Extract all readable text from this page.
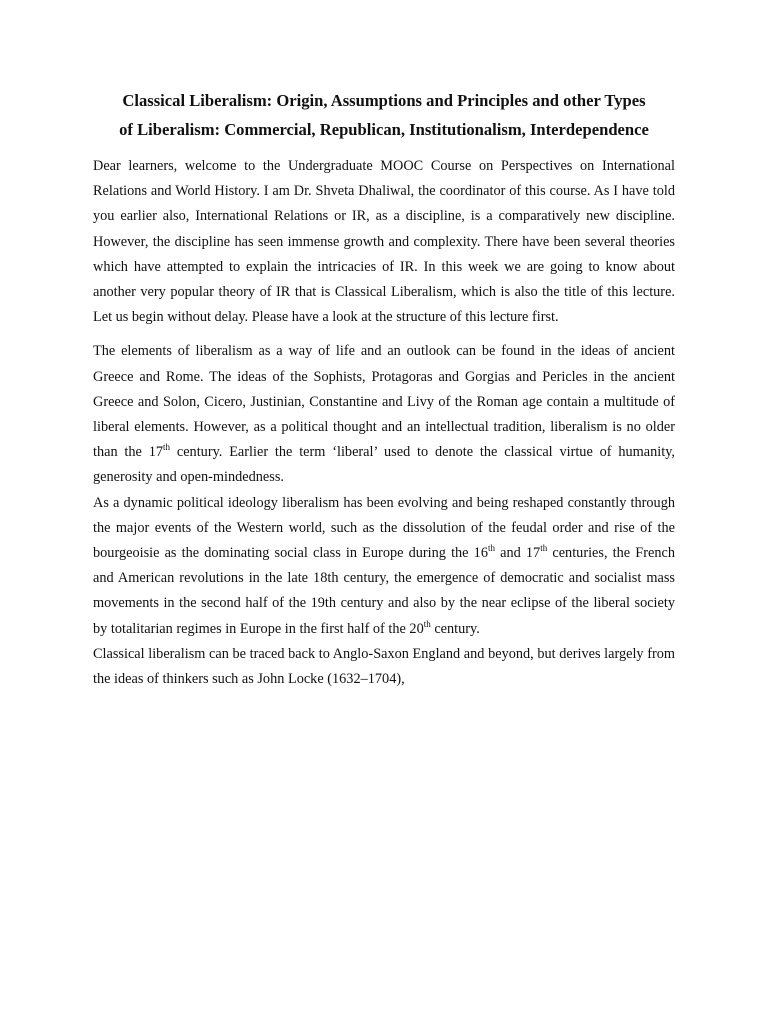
Classical Liberalism: Origin, Assumptions and Principles and other Types
of Liberalism: Commercial, Republican, Institutionalism, Interdependence

Dear learners, welcome to the Undergraduate MOOC Course on Perspectives on International Relations and World History. I am Dr. Shveta Dhaliwal, the coordinator of this course. As I have told you earlier also, International Relations or IR, as a discipline, is a comparatively new discipline. However, the discipline has seen immense growth and complexity. There have been several theories which have attempted to explain the intricacies of IR. In this week we are going to know about another very popular theory of IR that is Classical Liberalism, which is also the title of this lecture. Let us begin without delay. Please have a look at the structure of this lecture first.

The elements of liberalism as a way of life and an outlook can be found in the ideas of ancient Greece and Rome. The ideas of the Sophists, Protagoras and Gorgias and Pericles in the ancient Greece and Solon, Cicero, Justinian, Constantine and Livy of the Roman age contain a multitude of liberal elements. However, as a political thought and an intellectual tradition, liberalism is no older than the 17th century. Earlier the term ‘liberal’ used to denote the classical virtue of humanity, generosity and open-mindedness.

As a dynamic political ideology liberalism has been evolving and being reshaped constantly through the major events of the Western world, such as the dissolution of the feudal order and rise of the bourgeoisie as the dominating social class in Europe during the 16th and 17th centuries, the French and American revolutions in the late 18th century, the emergence of democratic and socialist mass movements in the second half of the 19th century and also by the near eclipse of the liberal society by totalitarian regimes in Europe in the first half of the 20th century.

Classical liberalism can be traced back to Anglo-Saxon England and beyond, but derives largely from the ideas of thinkers such as John Locke (1632–1704),
